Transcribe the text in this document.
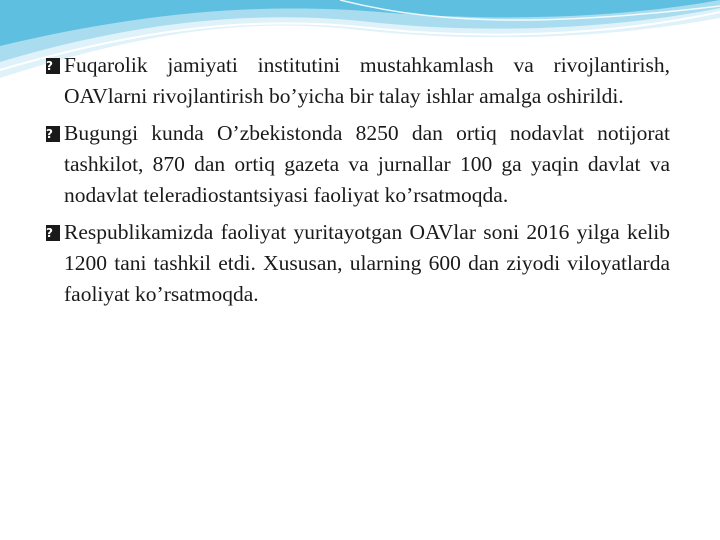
? Fuqarolik jamiyati institutini mustahkamlash va rivojlantirish, OAVlarni rivojlantirish bo’yicha bir talay ishlar amalga oshirildi.

? Bugungi kunda O’zbekistonda 8250 dan ortiq nodavlat notijorat tashkilot, 870 dan ortiq gazeta va jurnallar 100 ga yaqin davlat va nodavlat teleradiostantsiyasi faoliyat ko’rsatmoqda.

? Respublikamizda faoliyat yuritayotgan OAVlar soni 2016 yilga kelib 1200 tani tashkil etdi. Xususan, ularning 600 dan ziyodi viloyatlarda faoliyat ko’rsatmoqda.
